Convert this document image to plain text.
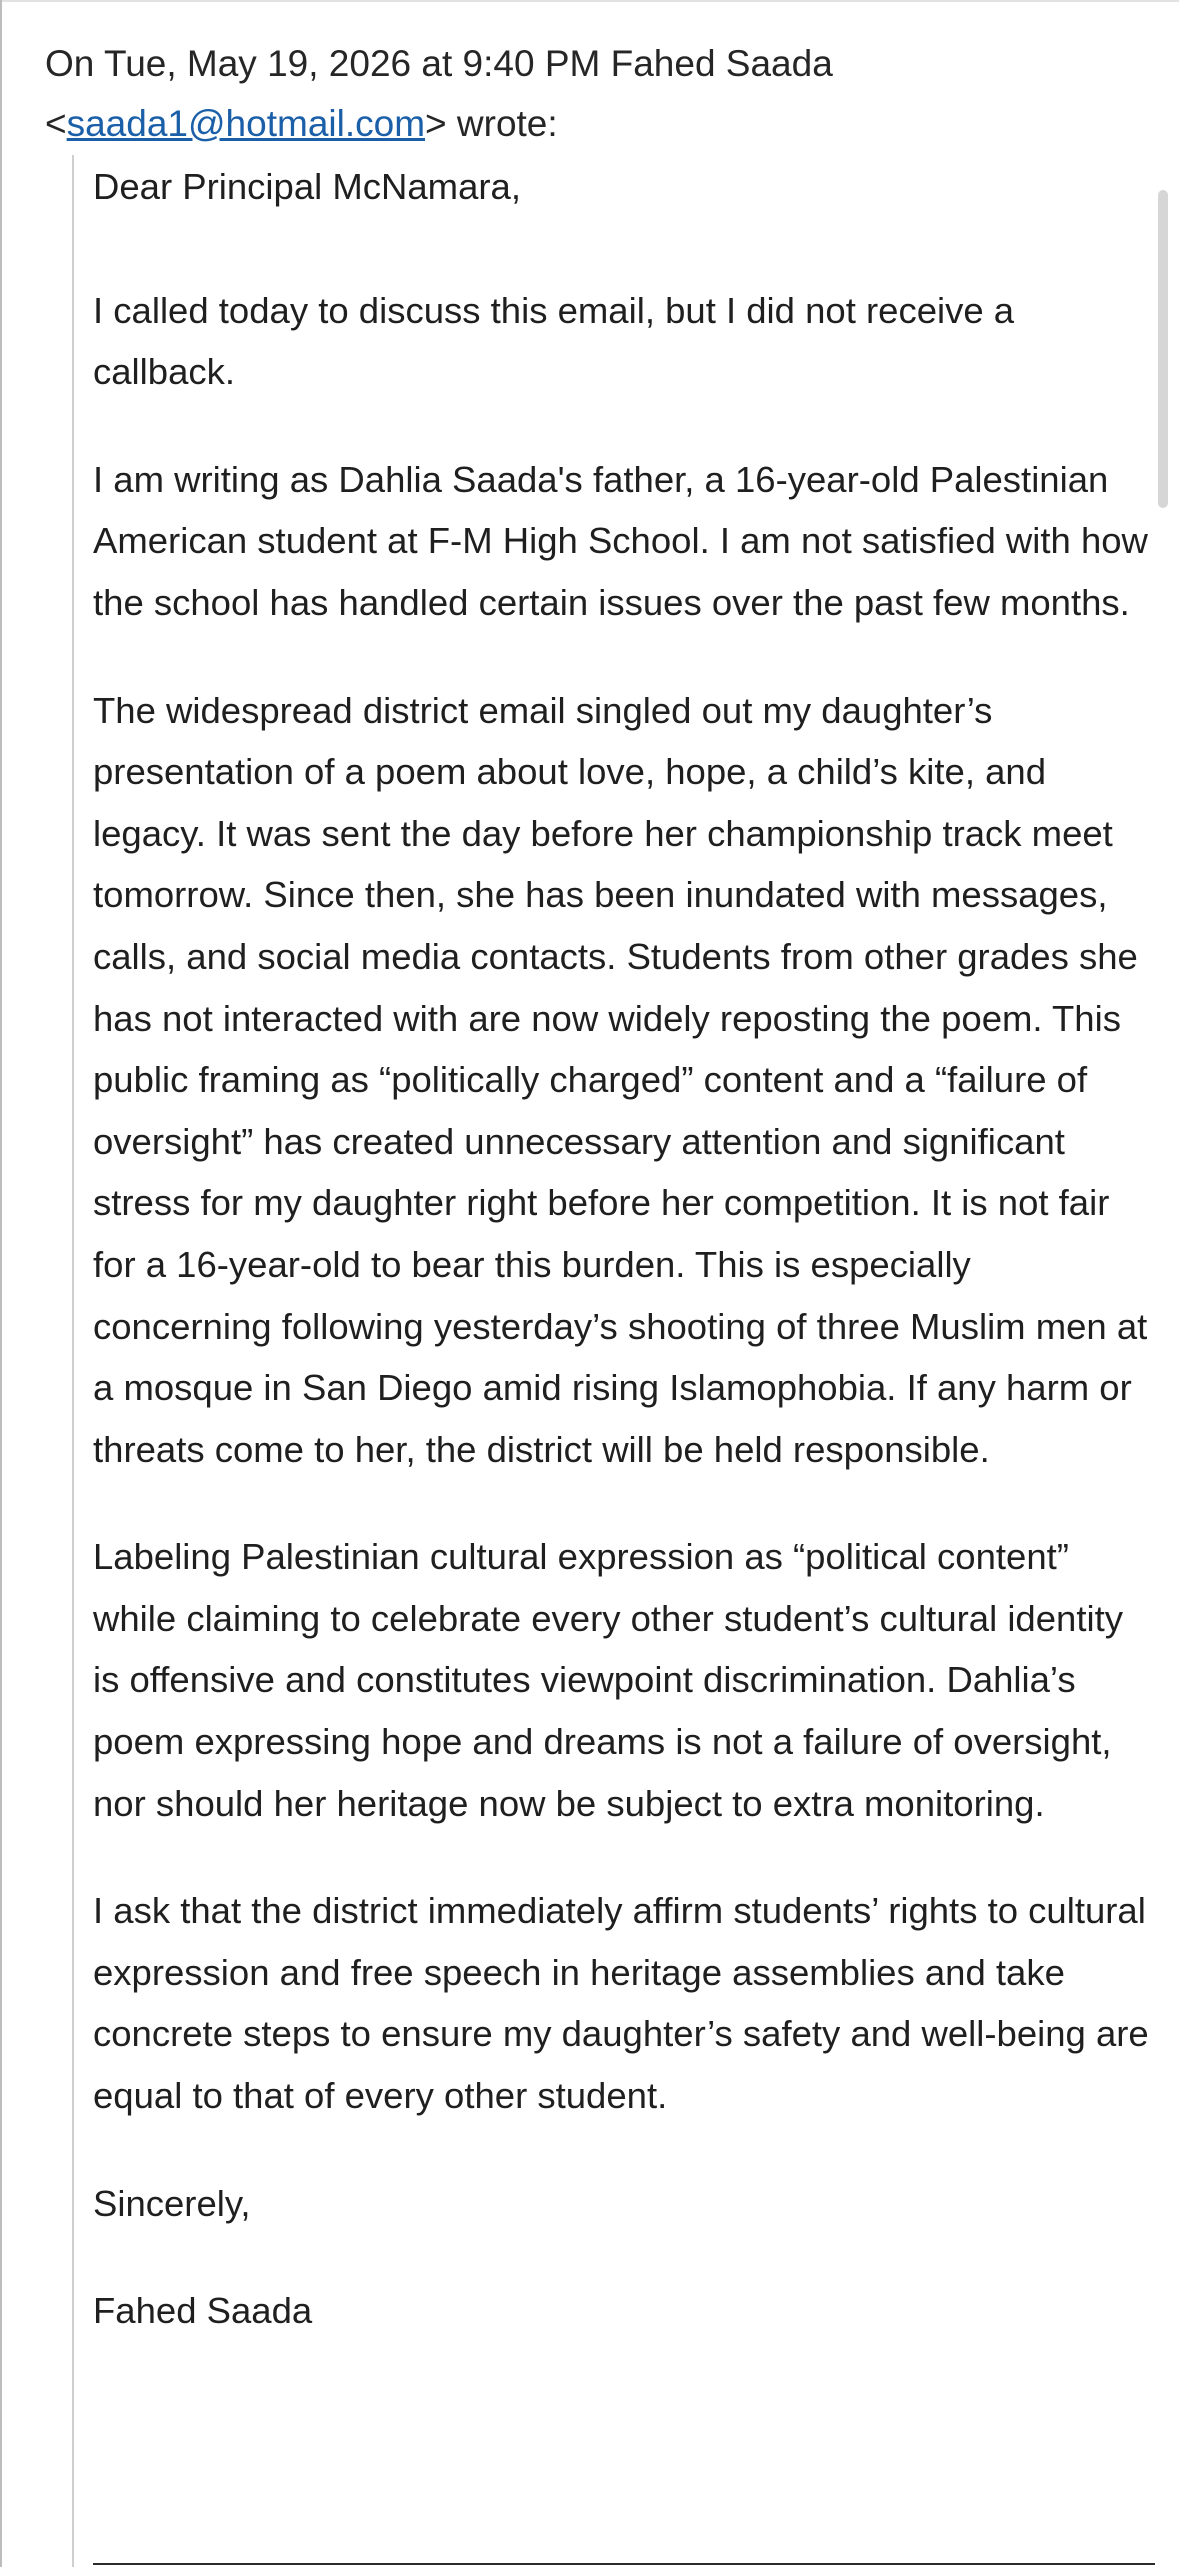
On Tue, May 19, 2026 at 9:40 PM Fahed Saada
<saada1@hotmail.com> wrote:

Dear Principal McNamara,

I called today to discuss this email, but I did not receive a callback.

I am writing as Dahlia Saada's father, a 16-year-old Palestinian American student at F-M High School. I am not satisfied with how the school has handled certain issues over the past few months.

The widespread district email singled out my daughter’s presentation of a poem about love, hope, a child’s kite, and legacy. It was sent the day before her championship track meet tomorrow. Since then, she has been inundated with messages, calls, and social media contacts. Students from other grades she has not interacted with are now widely reposting the poem. This public framing as “politically charged” content and a “failure of oversight” has created unnecessary attention and significant stress for my daughter right before her competition. It is not fair for a 16-year-old to bear this burden. This is especially concerning following yesterday’s shooting of three Muslim men at a mosque in San Diego amid rising Islamophobia. If any harm or threats come to her, the district will be held responsible.

Labeling Palestinian cultural expression as “political content” while claiming to celebrate every other student’s cultural identity is offensive and constitutes viewpoint discrimination. Dahlia’s poem expressing hope and dreams is not a failure of oversight, nor should her heritage now be subject to extra monitoring.

I ask that the district immediately affirm students’ rights to cultural expression and free speech in heritage assemblies and take concrete steps to ensure my daughter’s safety and well-being are equal to that of every other student.

Sincerely,

Fahed Saada
